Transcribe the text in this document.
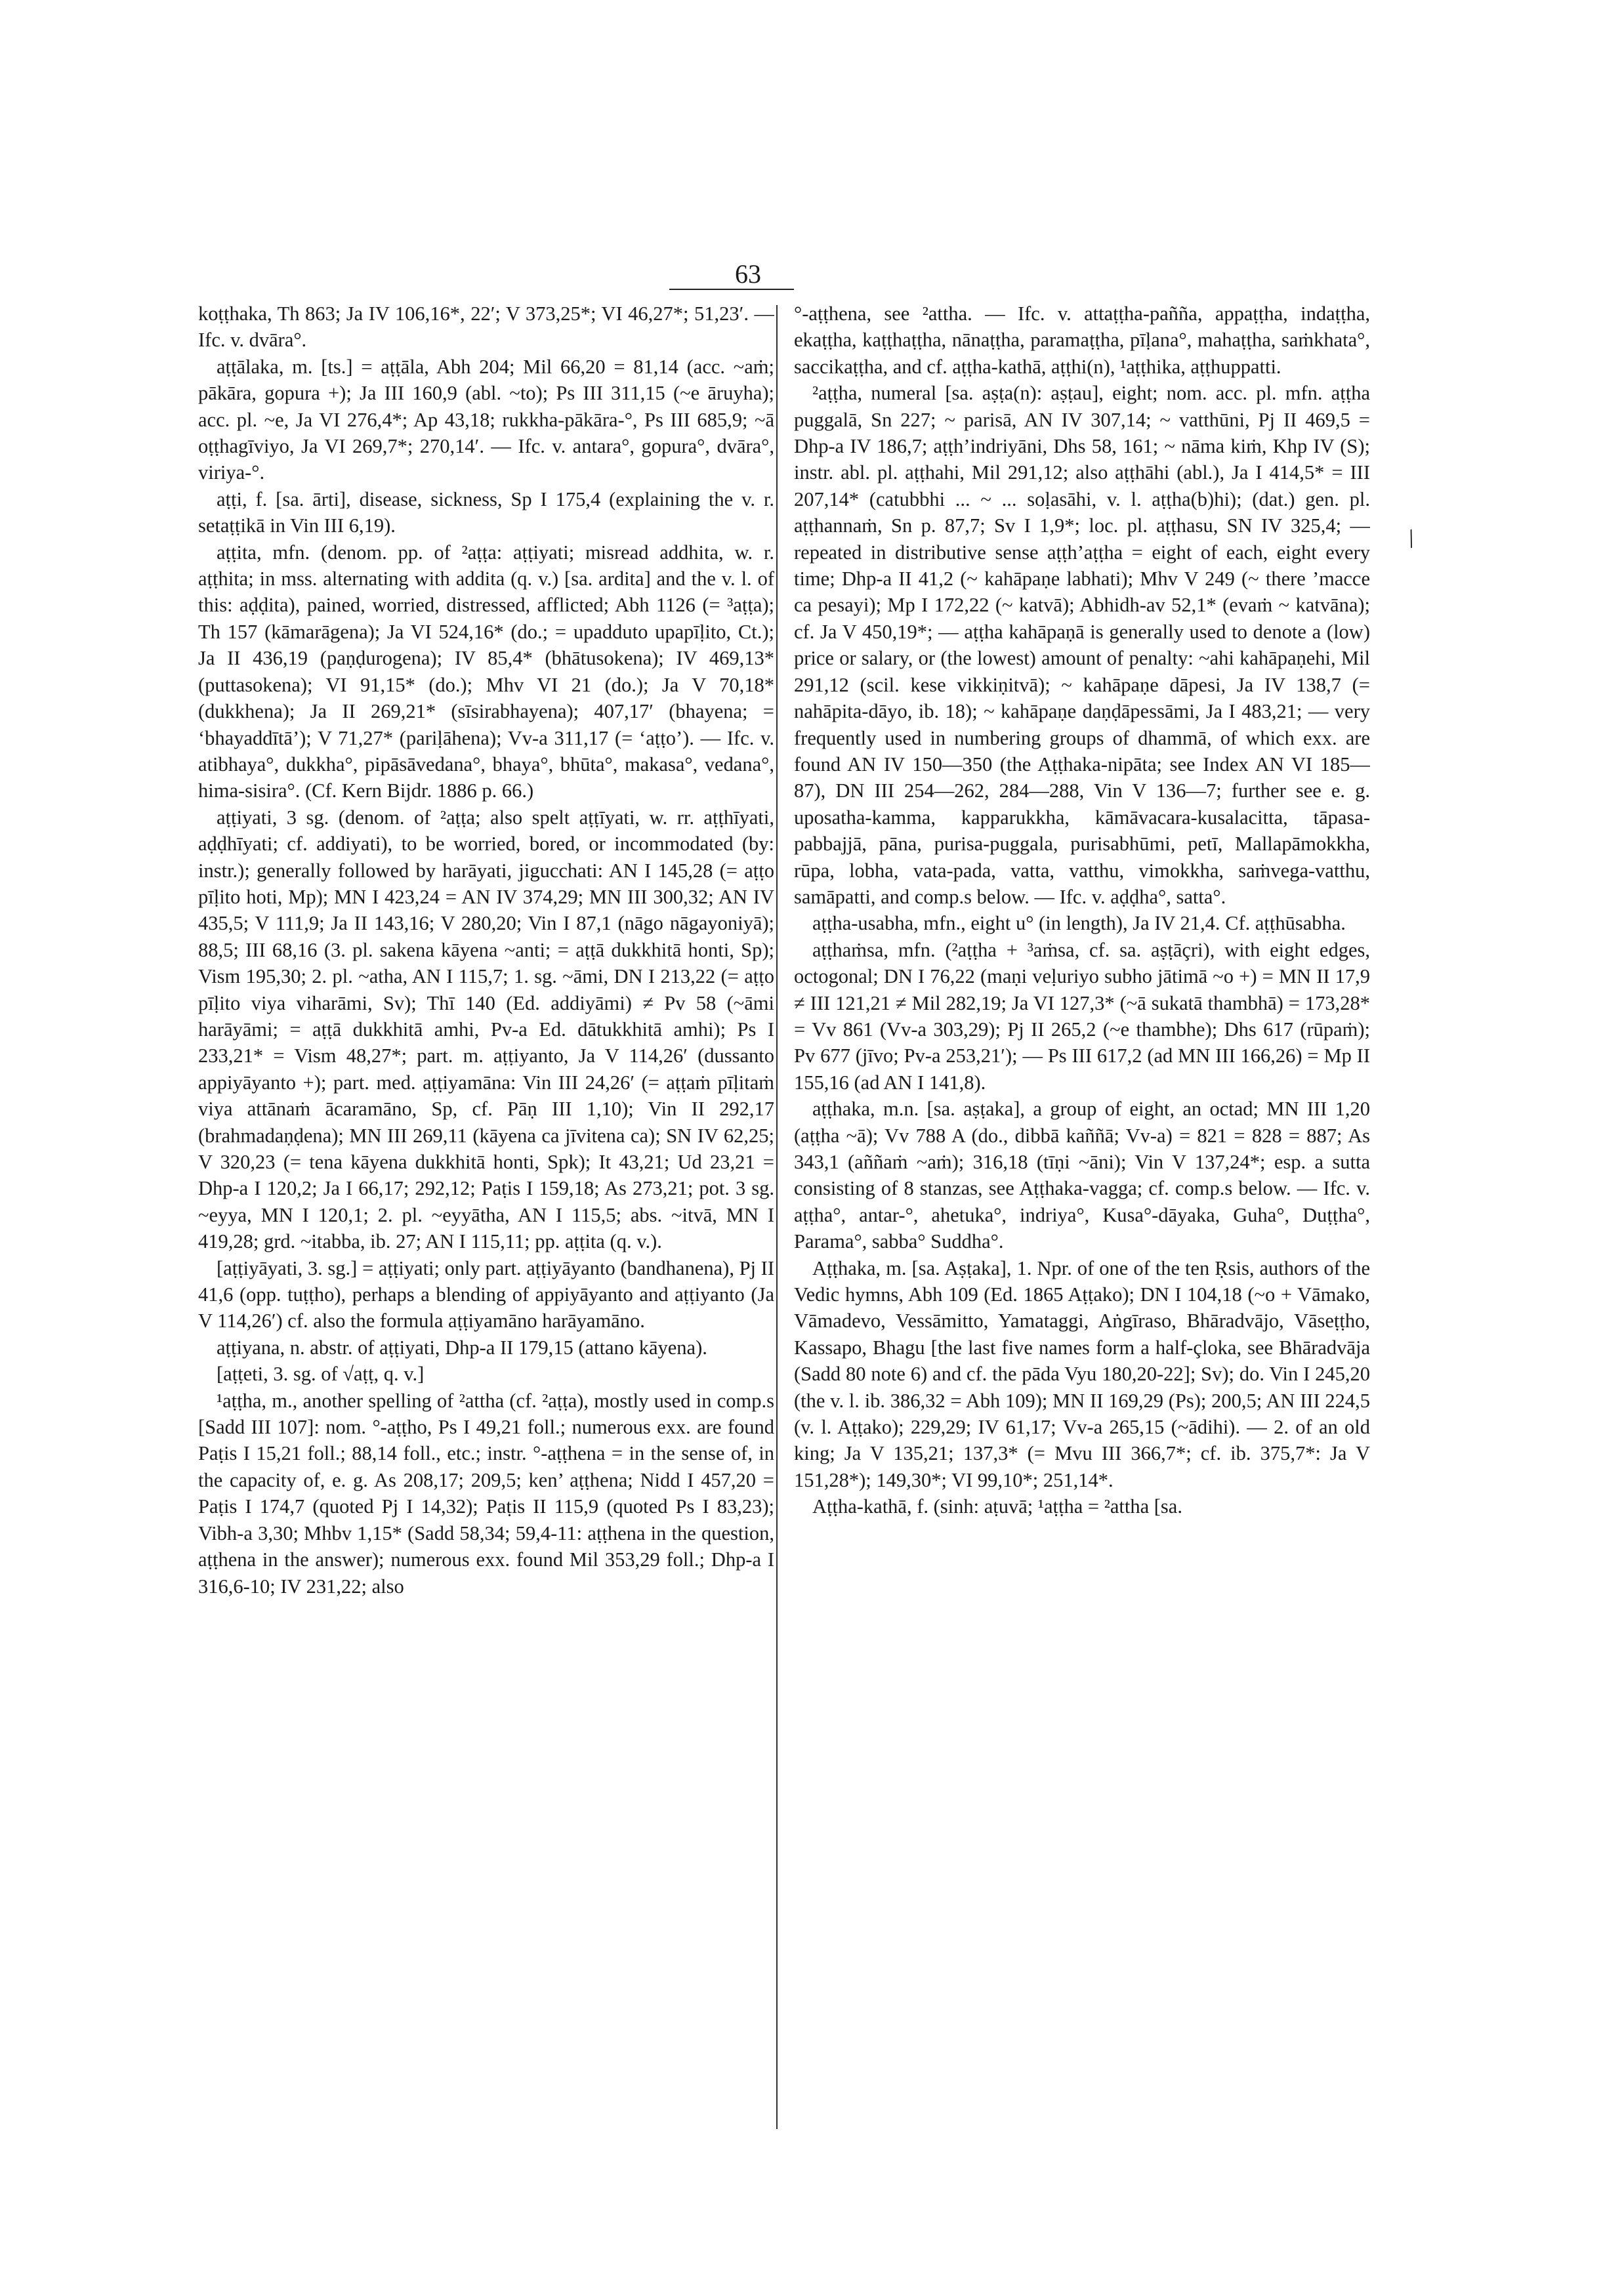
63

koṭṭhaka, Th 863; Ja IV 106,16*, 22′; V 373,25*; VI 46,27*; 51,23′. — Ifc. v. dvāra°.

aṭṭālaka, m. [ts.] = aṭṭāla, Abh 204; Mil 66,20 = 81,14 (acc. ~aṁ; pākāra, gopura +); Ja III 160,9 (abl. ~to); Ps III 311,15 (~e āruyha); acc. pl. ~e, Ja VI 276,4*; Ap 43,18; rukkha-pākāra-°, Ps III 685,9; ~ā oṭṭhagīviyo, Ja VI 269,7*; 270,14′. — Ifc. v. antara°, gopura°, dvāra°, viriya-°.

aṭṭi, f. [sa. ārti], disease, sickness, Sp I 175,4 (explaining the v. r. setaṭṭikā in Vin III 6,19).

aṭṭita, mfn. (denom. pp. of ²aṭṭa: aṭṭiyati; misread addhita, w. r. aṭṭhita; in mss. alternating with addita (q. v.) [sa. ardita] and the v. l. of this: aḍḍita), pained, worried, distressed, afflicted; Abh 1126 (= ³aṭṭa); Th 157 (kāmarāgena); Ja VI 524,16* (do.; = upadduto upapīḷito, Ct.); Ja II 436,19 (paṇḍurogena); IV 85,4* (bhātusokena); IV 469,13* (puttasokena); VI 91,15* (do.); Mhv VI 21 (do.); Ja V 70,18* (dukkhena); Ja II 269,21* (sīsirabhayena); 407,17′ (bhayena; = ‘bhayaddītā’); V 71,27* (pariḷāhena); Vv-a 311,17 (= ‘aṭṭo’). — Ifc. v. atibhaya°, dukkha°, pipāsāvedana°, bhaya°, bhūta°, makasa°, vedana°, hima-sisira°. (Cf. Kern Bijdr. 1886 p. 66.)

aṭṭiyati, 3 sg. (denom. of ²aṭṭa; also spelt aṭṭīyati, w. rr. aṭṭhīyati, aḍḍhīyati; cf. addiyati), to be worried, bored, or incommodated (by: instr.); generally followed by harāyati, jigucchati: AN I 145,28 (= aṭṭo pīḷito hoti, Mp); MN I 423,24 = AN IV 374,29; MN III 300,32; AN IV 435,5; V 111,9; Ja II 143,16; V 280,20; Vin I 87,1 (nāgo nāgayoniyā); 88,5; III 68,16 (3. pl. sakena kāyena ~anti; = aṭṭā dukkhitā honti, Sp); Vism 195,30; 2. pl. ~atha, AN I 115,7; 1. sg. ~āmi, DN I 213,22 (= aṭṭo pīḷito viya viharāmi, Sv); Thī 140 (Ed. addiyāmi) ≠ Pv 58 (~āmi harāyāmi; = aṭṭā dukkhitā amhi, Pv-a Ed. dātukkhitā amhi); Ps I 233,21* = Vism 48,27*; part. m. aṭṭiyanto, Ja V 114,26′ (dussanto appiyāyanto +); part. med. aṭṭiyamāna: Vin III 24,26′ (= aṭṭaṁ pīḷitaṁ viya attānaṁ ācaramāno, Sp, cf. Pāṇ III 1,10); Vin II 292,17 (brahmadaṇḍena); MN III 269,11 (kāyena ca jīvitena ca); SN IV 62,25; V 320,23 (= tena kāyena dukkhitā honti, Spk); It 43,21; Ud 23,21 = Dhp-a I 120,2; Ja I 66,17; 292,12; Paṭis I 159,18; As 273,21; pot. 3 sg. ~eyya, MN I 120,1; 2. pl. ~eyyātha, AN I 115,5; abs. ~itvā, MN I 419,28; grd. ~itabba, ib. 27; AN I 115,11; pp. aṭṭita (q. v.).

[aṭṭiyāyati, 3. sg.] = aṭṭiyati; only part. aṭṭiyāyanto (bandhanena), Pj II 41,6 (opp. tuṭṭho), perhaps a blending of appiyāyanto and aṭṭiyanto (Ja V 114,26′) cf. also the formula aṭṭiyamāno harāyamāno.

aṭṭiyana, n. abstr. of aṭṭiyati, Dhp-a II 179,15 (attano kāyena).

[aṭṭeti, 3. sg. of √aṭṭ, q. v.]

¹aṭṭha, m., another spelling of ²attha (cf. ²aṭṭa), mostly used in comp.s [Sadd III 107]: nom. °-aṭṭho, Ps I 49,21 foll.; numerous exx. are found Paṭis I 15,21 foll.; 88,14 foll., etc.; instr. °-aṭṭhena = in the sense of, in the capacity of, e. g. As 208,17; 209,5; ken’ aṭṭhena; Nidd I 457,20 = Paṭis I 174,7 (quoted Pj I 14,32); Paṭis II 115,9 (quoted Ps I 83,23); Vibh-a 3,30; Mhbv 1,15* (Sadd 58,34; 59,4-11: aṭṭhena in the question, aṭṭhena in the answer); numerous exx. found Mil 353,29 foll.; Dhp-a I 316,6-10; IV 231,22; also

°-aṭṭhena, see ²attha. — Ifc. v. attaṭṭha-pañña, appaṭṭha, indaṭṭha, ekaṭṭha, kaṭṭhaṭṭha, nānaṭṭha, paramaṭṭha, pīḷana°, mahaṭṭha, saṁkhata°, saccikaṭṭha, and cf. aṭṭha-kathā, aṭṭhi(n), ¹aṭṭhika, aṭṭhuppatti.

²aṭṭha, numeral [sa. aṣṭa(n): aṣṭau], eight; nom. acc. pl. mfn. aṭṭha puggalā, Sn 227; ~ parisā, AN IV 307,14; ~ vatthūni, Pj II 469,5 = Dhp-a IV 186,7; aṭṭh’indriyāni, Dhs 58, 161; ~ nāma kiṁ, Khp IV (S); instr. abl. pl. aṭṭhahi, Mil 291,12; also aṭṭhāhi (abl.), Ja I 414,5* = III 207,14* (catubbhi ... ~ ... soḷasāhi, v. l. aṭṭha(b)hi); (dat.) gen. pl. aṭṭhannaṁ, Sn p. 87,7; Sv I 1,9*; loc. pl. aṭṭhasu, SN IV 325,4; — repeated in distributive sense aṭṭh’aṭṭha = eight of each, eight every time; Dhp-a II 41,2 (~ kahāpaṇe labhati); Mhv V 249 (~ there ’macce ca pesayi); Mp I 172,22 (~ katvā); Abhidh-av 52,1* (evaṁ ~ katvāna); cf. Ja V 450,19*; — aṭṭha kahāpaṇā is generally used to denote a (low) price or salary, or (the lowest) amount of penalty: ~ahi kahāpaṇehi, Mil 291,12 (scil. kese vikkiṇitvā); ~ kahāpaṇe dāpesi, Ja IV 138,7 (= nahāpita-dāyo, ib. 18); ~ kahāpaṇe daṇḍāpessāmi, Ja I 483,21; — very frequently used in numbering groups of dhammā, of which exx. are found AN IV 150—350 (the Aṭṭhaka-nipāta; see Index AN VI 185—87), DN III 254—262, 284—288, Vin V 136—7; further see e. g. uposatha-kamma, kapparukkha, kāmāvacara-kusalacitta, tāpasa-pabbajjā, pāna, purisa-puggala, purisabhūmi, petī, Mallapāmokkha, rūpa, lobha, vata-pada, vatta, vatthu, vimokkha, saṁvega-vatthu, samāpatti, and comp.s below. — Ifc. v. aḍḍha°, satta°.

aṭṭha-usabha, mfn., eight u° (in length), Ja IV 21,4. Cf. aṭṭhūsabha.

aṭṭhaṁsa, mfn. (²aṭṭha + ³aṁsa, cf. sa. aṣṭāçri), with eight edges, octogonal; DN I 76,22 (maṇi veḷuriyo subho jātimā ~o +) = MN II 17,9 ≠ III 121,21 ≠ Mil 282,19; Ja VI 127,3* (~ā sukatā thambhā) = 173,28* = Vv 861 (Vv-a 303,29); Pj II 265,2 (~e thambhe); Dhs 617 (rūpaṁ); Pv 677 (jīvo; Pv-a 253,21′); — Ps III 617,2 (ad MN III 166,26) = Mp II 155,16 (ad AN I 141,8).

aṭṭhaka, m.n. [sa. aṣṭaka], a group of eight, an octad; MN III 1,20 (aṭṭha ~ā); Vv 788 A (do., dibbā kaññā; Vv-a) = 821 = 828 = 887; As 343,1 (aññaṁ ~aṁ); 316,18 (tīṇi ~āni); Vin V 137,24*; esp. a sutta consisting of 8 stanzas, see Aṭṭhaka-vagga; cf. comp.s below. — Ifc. v. aṭṭha°, antar-°, ahetuka°, indriya°, Kusa°-dāyaka, Guha°, Duṭṭha°, Parama°, sabba° Suddha°.

Aṭṭhaka, m. [sa. Aṣṭaka], 1. Npr. of one of the ten Ṛsis, authors of the Vedic hymns, Abh 109 (Ed. 1865 Aṭṭako); DN I 104,18 (~o + Vāmako, Vāmadevo, Vessāmitto, Yamataggi, Aṅgīraso, Bhāradvājo, Vāseṭṭho, Kassapo, Bhagu [the last five names form a half-çloka, see Bhāradvāja (Sadd 80 note 6) and cf. the pāda Vyu 180,20-22]; Sv); do. Vin I 245,20 (the v. l. ib. 386,32 = Abh 109); MN II 169,29 (Ps); 200,5; AN III 224,5 (v. l. Aṭṭako); 229,29; IV 61,17; Vv-a 265,15 (~ādihi). — 2. of an old king; Ja V 135,21; 137,3* (= Mvu III 366,7*; cf. ib. 375,7*: Ja V 151,28*); 149,30*; VI 99,10*; 251,14*.

Aṭṭha-kathā, f. (sinh: aṭuvā; ¹aṭṭha = ²attha [sa.

/
